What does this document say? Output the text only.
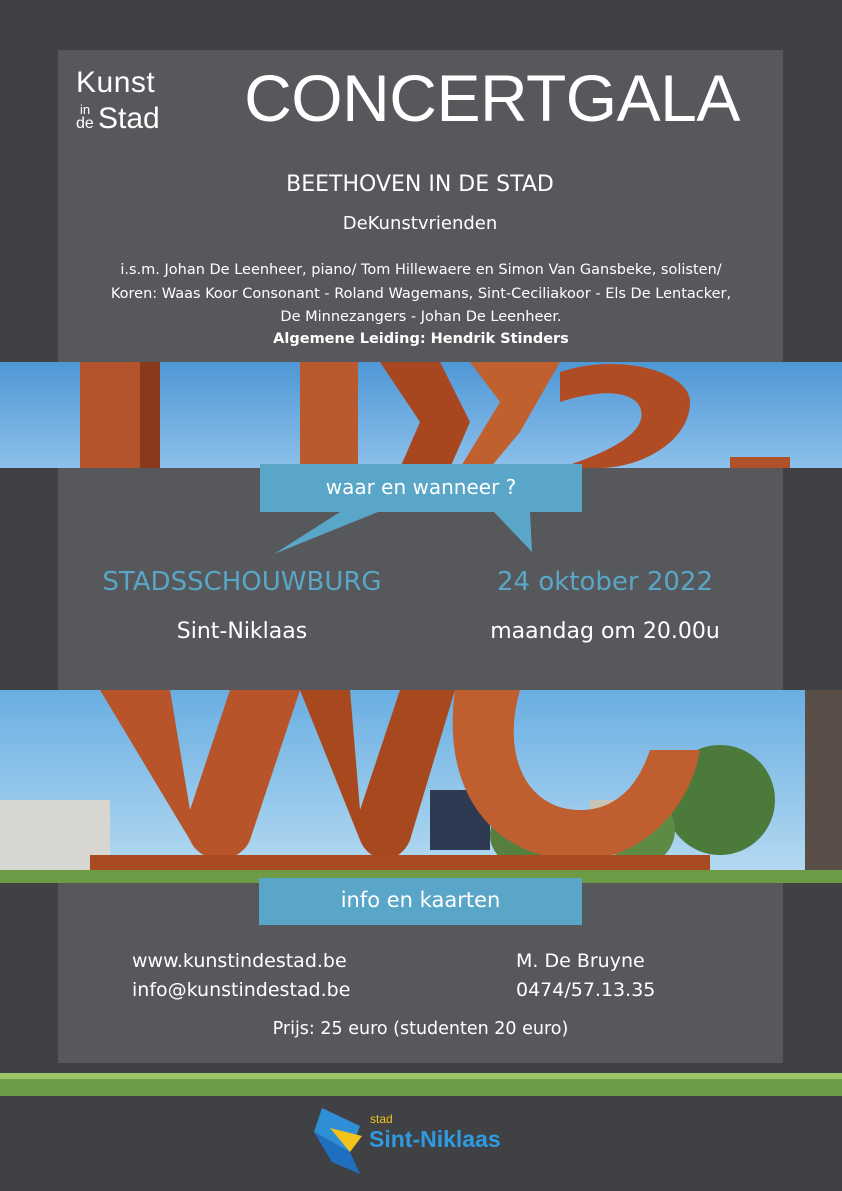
Kunst
in
de Stad	CONCERTGALA
BEETHOVEN IN DE STAD
DeKunstvrienden
i.s.m. Johan De Leenheer, piano/ Tom Hillewaere en Simon Van Gansbeke, solisten/
Koren: Waas Koor Consonant - Roland Wagemans, Sint-Ceciliakoor - Els De Lentacker,
De Minnezangers - Johan De Leenheer.
Algemene Leiding: Hendrik Stinders
waar en wanneer ?
STADSSCHOUWBURG
Sint-Niklaas
24 oktober 2022
maandag om 20.00u
info en kaarten
www.kunstindestad.be
info@kunstindestad.be
M. De Bruyne
0474/57.13.35
Prijs: 25 euro (studenten 20 euro)
stad
Sint-Niklaas
